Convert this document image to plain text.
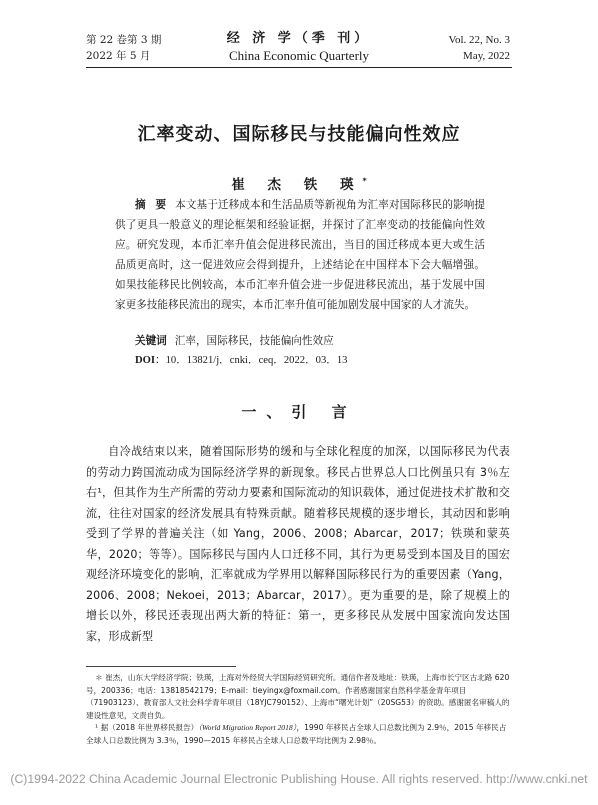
第 22 卷第 3 期
2022 年 5 月
经 济 学（季 刊）
China Economic Quarterly
Vol. 22, No. 3
May, 2022
汇率变动、国际移民与技能偏向性效应
崔 杰 铁 瑛*
摘 要 本文基于迁移成本和生活品质等新视角为汇率对国际移民的影响提供了更具一般意义的理论框架和经验证据，并探讨了汇率变动的技能偏向性效应。研究发现，本币汇率升值会促进移民流出，当目的国迁移成本更大或生活品质更高时，这一促进效应会得到提升，上述结论在中国样本下会大幅增强。如果技能移民比例较高，本币汇率升值会进一步促进移民流出，基于发展中国家更多技能移民流出的现实，本币汇率升值可能加剧发展中国家的人才流失。
关键词 汇率，国际移民，技能偏向性效应
DOI：10．13821/j．cnki．ceq．2022．03．13
一、引 言
自冷战结束以来，随着国际形势的缓和与全球化程度的加深，以国际移民为代表的劳动力跨国流动成为国际经济学界的新现象。移民占世界总人口比例虽只有 3％左右¹，但其作为生产所需的劳动力要素和国际流动的知识载体，通过促进技术扩散和交流，往往对国家的经济发展具有特殊贡献。随着移民规模的逐步增长，其动因和影响受到了学界的普遍关注（如 Yang，2006、2008；Abarcar，2017；铁瑛和蒙英华，2020；等等）。国际移民与国内人口迁移不同，其行为更易受到本国及目的国宏观经济环境变化的影响，汇率就成为学界用以解释国际移民行为的重要因素（Yang，2006、2008；Nekoei，2013；Abarcar，2017）。更为重要的是，除了规模上的增长以外，移民还表现出两大新的特征：第一，更多移民从发展中国家流向发达国家，形成新型

＊ 崔杰，山东大学经济学院；铁瑛，上海对外经贸大学国际经贸研究所。通信作者及地址：铁瑛，上海市长宁区古北路 620 号，200336；电话：13818542179；E-mail：tieyingx@foxmail.com。作者感谢国家自然科学基金青年项目（71903123）、教育部人文社会科学青年项目（18YJC790152）、上海市“曙光计划”（20SG53）的资助。感谢匿名审稿人的建设性意见，文责自负。

¹ 据（2018 年世界移民报告）（World Migration Report 2018），1990 年移民占全球人口总数比例为 2.9％，2015 年移民占全球人口总数比例为 3.3％，1990—2015 年移民占全球人口总数平均比例为 2.98％。

(C)1994-2022 China Academic Journal Electronic Publishing House. All rights reserved. http://www.cnki.net
